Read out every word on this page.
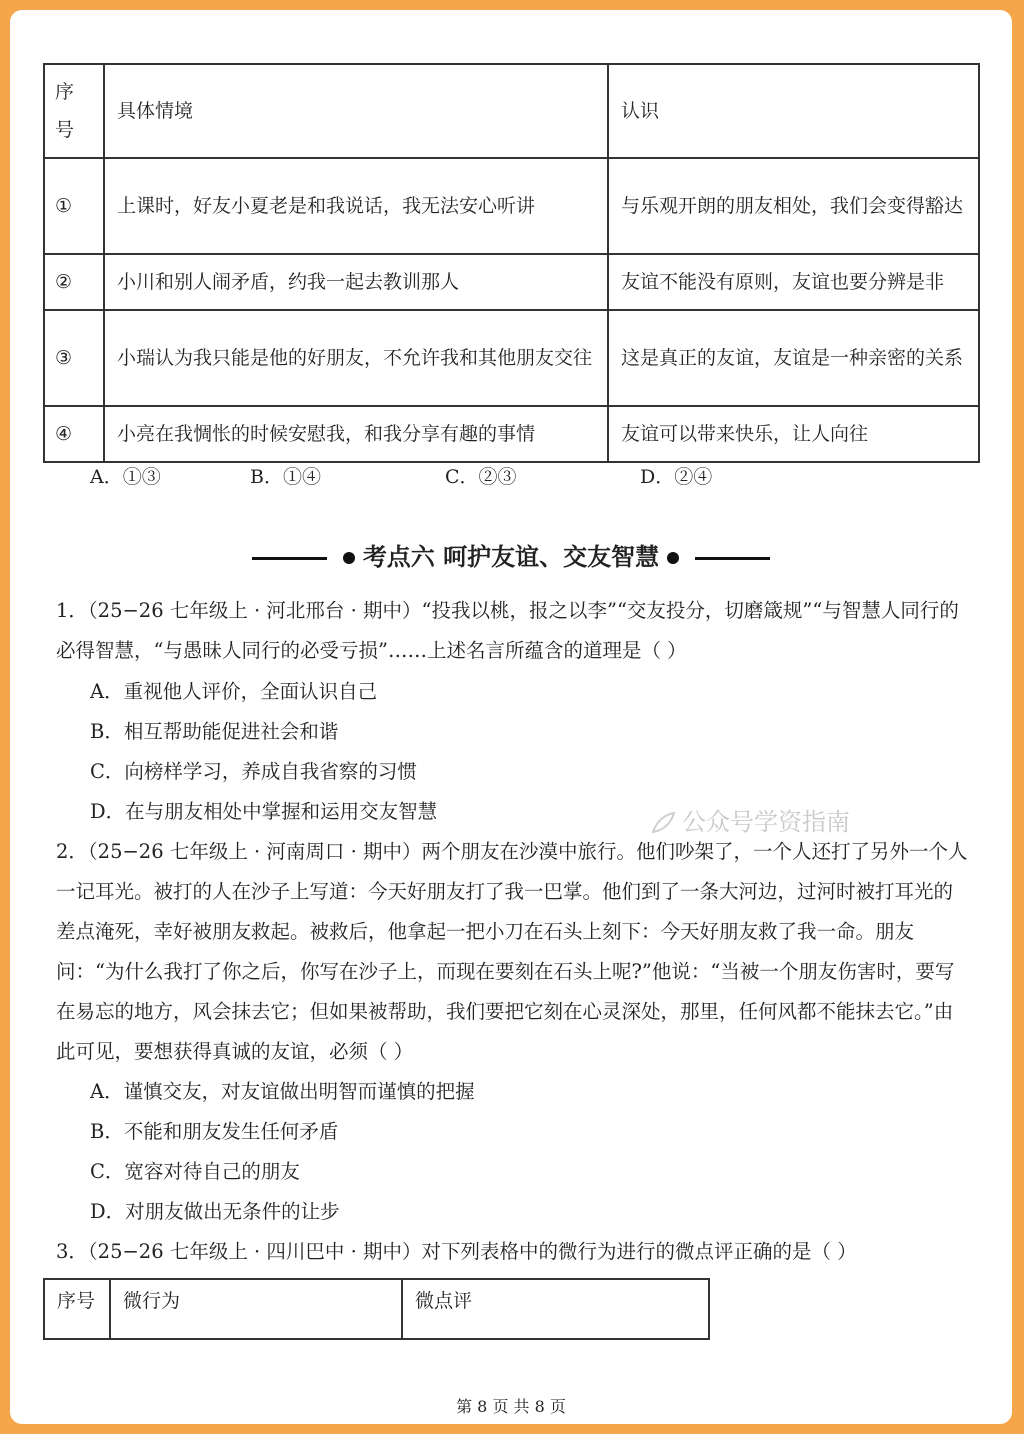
序
号	具体情境	认识
①	上课时，好友小夏老是和我说话，我无法安心听讲	与乐观开朗的朋友相处，我们会变得豁达
②	小川和别人闹矛盾，约我一起去教训那人	友谊不能没有原则，友谊也要分辨是非
③	小瑞认为我只能是他的好朋友，不允许我和其他朋友交往	这是真正的友谊，友谊是一种亲密的关系
④	小亮在我惆怅的时候安慰我，和我分享有趣的事情	友谊可以带来快乐，让人向往
A．①③	B．①④	C．②③	D．②④
考点六 呵护友谊、交友智慧
1．（25−26 七年级上 · 河北邢台 · 期中）“投我以桃，报之以李”“交友投分，切磨箴规”“与智慧人同行的必得智慧，“与愚昧人同行的必受亏损”……上述名言所蕴含的道理是（ ）
A．重视他人评价，全面认识自己
B．相互帮助能促进社会和谐
C．向榜样学习，养成自我省察的习惯
D．在与朋友相处中掌握和运用交友智慧	公众号学资指南
2．（25−26 七年级上 · 河南周口 · 期中）两个朋友在沙漠中旅行。他们吵架了，一个人还打了另外一个人一记耳光。被打的人在沙子上写道：今天好朋友打了我一巴掌。他们到了一条大河边，过河时被打耳光的差点淹死，幸好被朋友救起。被救后，他拿起一把小刀在石头上刻下：今天好朋友救了我一命。朋友问：“为什么我打了你之后，你写在沙子上，而现在要刻在石头上呢?”他说：“当被一个朋友伤害时，要写在易忘的地方，风会抹去它；但如果被帮助，我们要把它刻在心灵深处，那里，任何风都不能抹去它。”由此可见，要想获得真诚的友谊，必须（ ）
A．谨慎交友，对友谊做出明智而谨慎的把握
B．不能和朋友发生任何矛盾
C．宽容对待自己的朋友
D．对朋友做出无条件的让步
3．（25−26 七年级上 · 四川巴中 · 期中）对下列表格中的微行为进行的微点评正确的是（ ）
序号	微行为	微点评
第 8 页 共 8 页
